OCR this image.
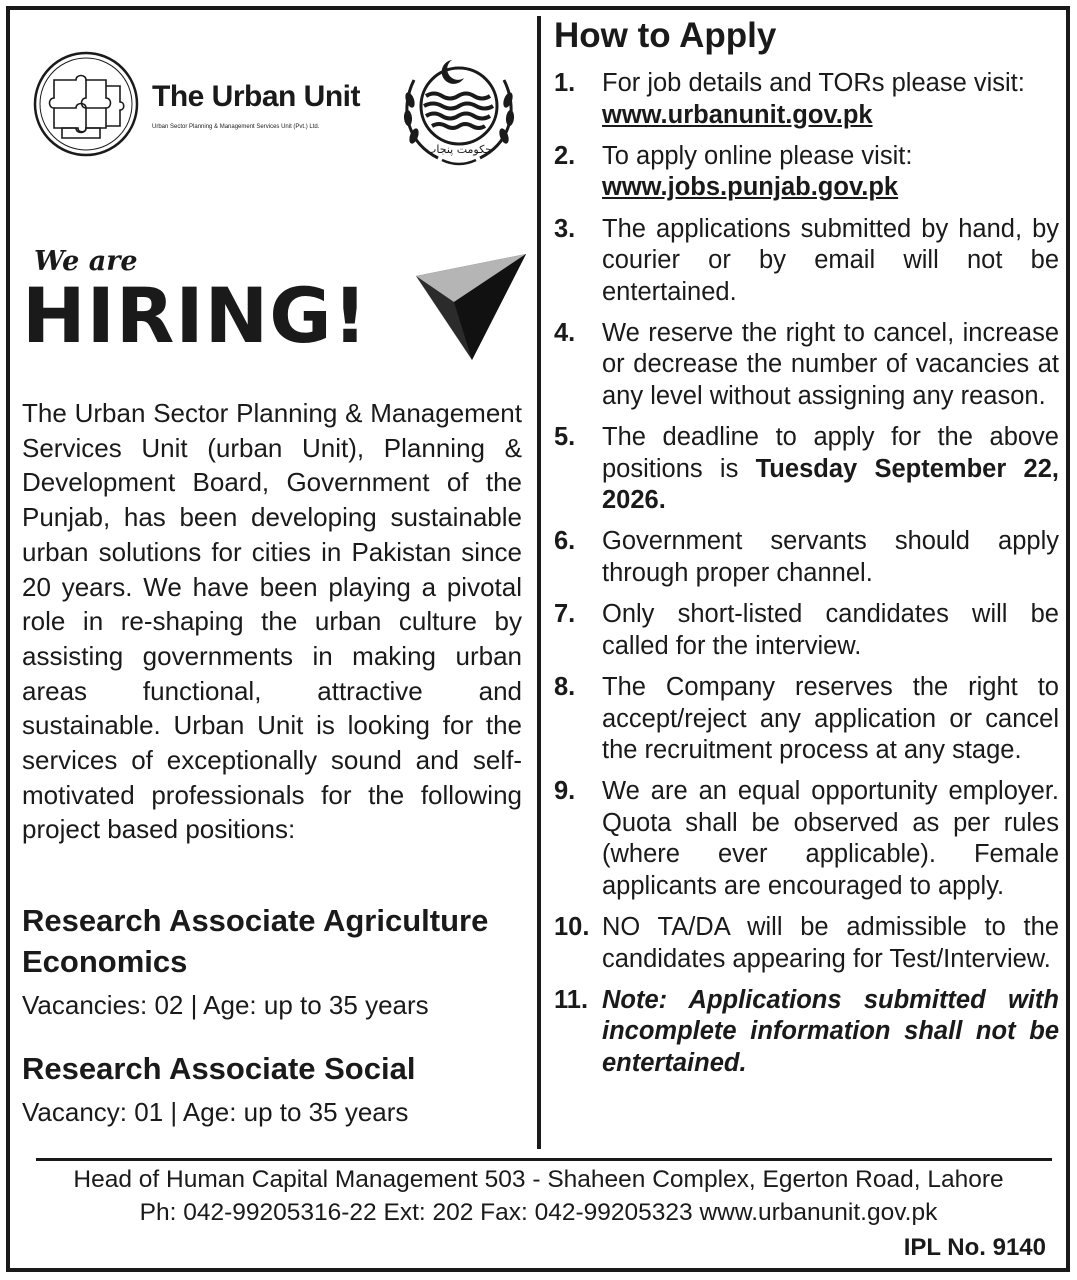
The Urban Unit
Urban Sector Planning & Management Services Unit (Pvt.) Ltd.
حکومت پنجاب
We are
HIRING!

The Urban Sector Planning & Management Services Unit (urban Unit), Planning & Development Board, Government of the Punjab, has been developing sustainable urban solutions for cities in Pakistan since 20 years. We have been playing a pivotal role in re-shaping the urban culture by assisting governments in making urban areas functional, attractive and sustainable. Urban Unit is looking for the services of exceptionally sound and self-motivated professionals for the following project based positions:

Research Associate Agriculture Economics
Vacancies: 02 | Age: up to 35 years
Research Associate Social
Vacancy: 01 | Age: up to 35 years
How to Apply
1.	For job details and TORs please visit:
www.urbanunit.gov.pk
2.	To apply online please visit:
www.jobs.punjab.gov.pk
3.	The applications submitted by hand, by courier or by email will not be entertained.
4.	We reserve the right to cancel, increase or decrease the number of vacancies at any level without assigning any reason.
5.	The deadline to apply for the above positions is Tuesday September 22, 2026.
6.	Government servants should apply through proper channel.
7.	Only short-listed candidates will be called for the interview.
8.	The Company reserves the right to accept/reject any application or cancel the recruitment process at any stage.
9.	We are an equal opportunity employer. Quota shall be observed as per rules (where ever applicable). Female applicants are encouraged to apply.
10. NO TA/DA will be admissible to the candidates appearing for Test/Interview.
11. Note: Applications submitted with incomplete information shall not be entertained.
Head of Human Capital Management 503 - Shaheen Complex, Egerton Road, Lahore
Ph: 042-99205316-22 Ext: 202 Fax: 042-99205323 www.urbanunit.gov.pk
IPL No. 9140
